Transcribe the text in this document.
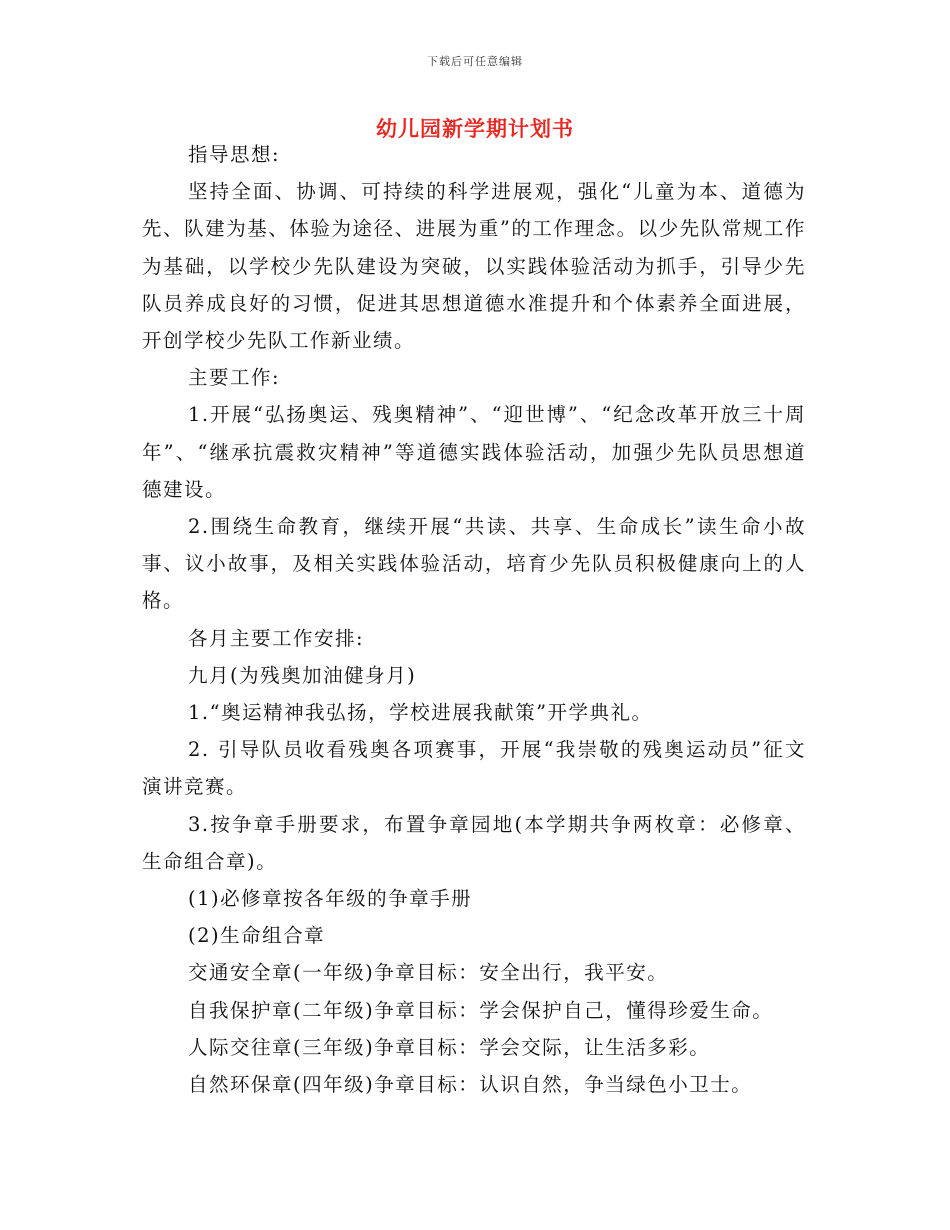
下载后可任意编辑
幼儿园新学期计划书

指导思想:

坚持全面、协调、可持续的科学进展观，强化“儿童为本、道德为先、队建为基、体验为途径、进展为重”的工作理念。以少先队常规工作为基础，以学校少先队建设为突破，以实践体验活动为抓手，引导少先队员养成良好的习惯，促进其思想道德水准提升和个体素养全面进展，开创学校少先队工作新业绩。

主要工作:

1.开展“弘扬奥运、残奥精神”、“迎世博”、“纪念改革开放三十周年”、“继承抗震救灾精神”等道德实践体验活动，加强少先队员思想道德建设。

2.围绕生命教育，继续开展“共读、共享、生命成长”读生命小故事、议小故事，及相关实践体验活动，培育少先队员积极健康向上的人格。

各月主要工作安排:

九月(为残奥加油健身月)

1.“奥运精神我弘扬，学校进展我献策”开学典礼。

2. 引导队员收看残奥各项赛事，开展“我崇敬的残奥运动员”征文演讲竞赛。

3.按争章手册要求，布置争章园地(本学期共争两枚章：必修章、生命组合章)。

(1)必修章按各年级的争章手册

(2)生命组合章

交通安全章(一年级)争章目标：安全出行，我平安。

自我保护章(二年级)争章目标：学会保护自己，懂得珍爱生命。

人际交往章(三年级)争章目标：学会交际，让生活多彩。

自然环保章(四年级)争章目标：认识自然，争当绿色小卫士。
